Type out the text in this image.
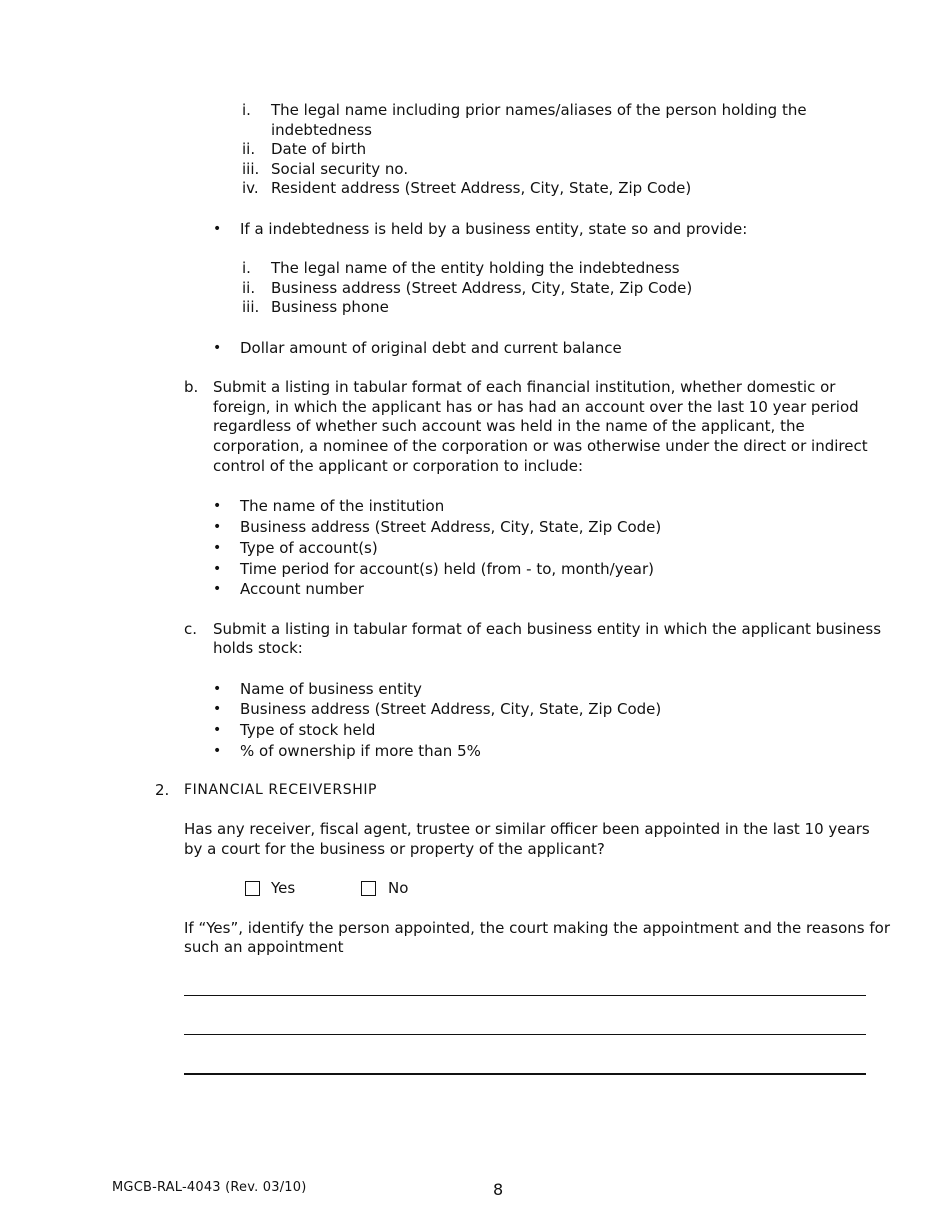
i. The legal name including prior names/aliases of the person holding the
indebtedness
ii. Date of birth
iii. Social security no.
iv. Resident address (Street Address, City, State, Zip Code)
• If a indebtedness is held by a business entity, state so and provide:
i. The legal name of the entity holding the indebtedness
ii. Business address (Street Address, City, State, Zip Code)
iii. Business phone
• Dollar amount of original debt and current balance
b. Submit a listing in tabular format of each financial institution, whether domestic or
foreign, in which the applicant has or has had an account over the last 10 year period
regardless of whether such account was held in the name of the applicant, the
corporation, a nominee of the corporation or was otherwise under the direct or indirect
control of the applicant or corporation to include:
• The name of the institution
• Business address (Street Address, City, State, Zip Code)
• Type of account(s)
• Time period for account(s) held (from - to, month/year)
• Account number
c. Submit a listing in tabular format of each business entity in which the applicant business
holds stock:
• Name of business entity
• Business address (Street Address, City, State, Zip Code)
• Type of stock held
• % of ownership if more than 5%
2. FINANCIAL RECEIVERSHIP
Has any receiver, fiscal agent, trustee or similar officer been appointed in the last 10 years
by a court for the business or property of the applicant?
Yes	No
If “Yes”, identify the person appointed, the court making the appointment and the reasons for
such an appointment
MGCB-RAL-4043 (Rev. 03/10)	8
